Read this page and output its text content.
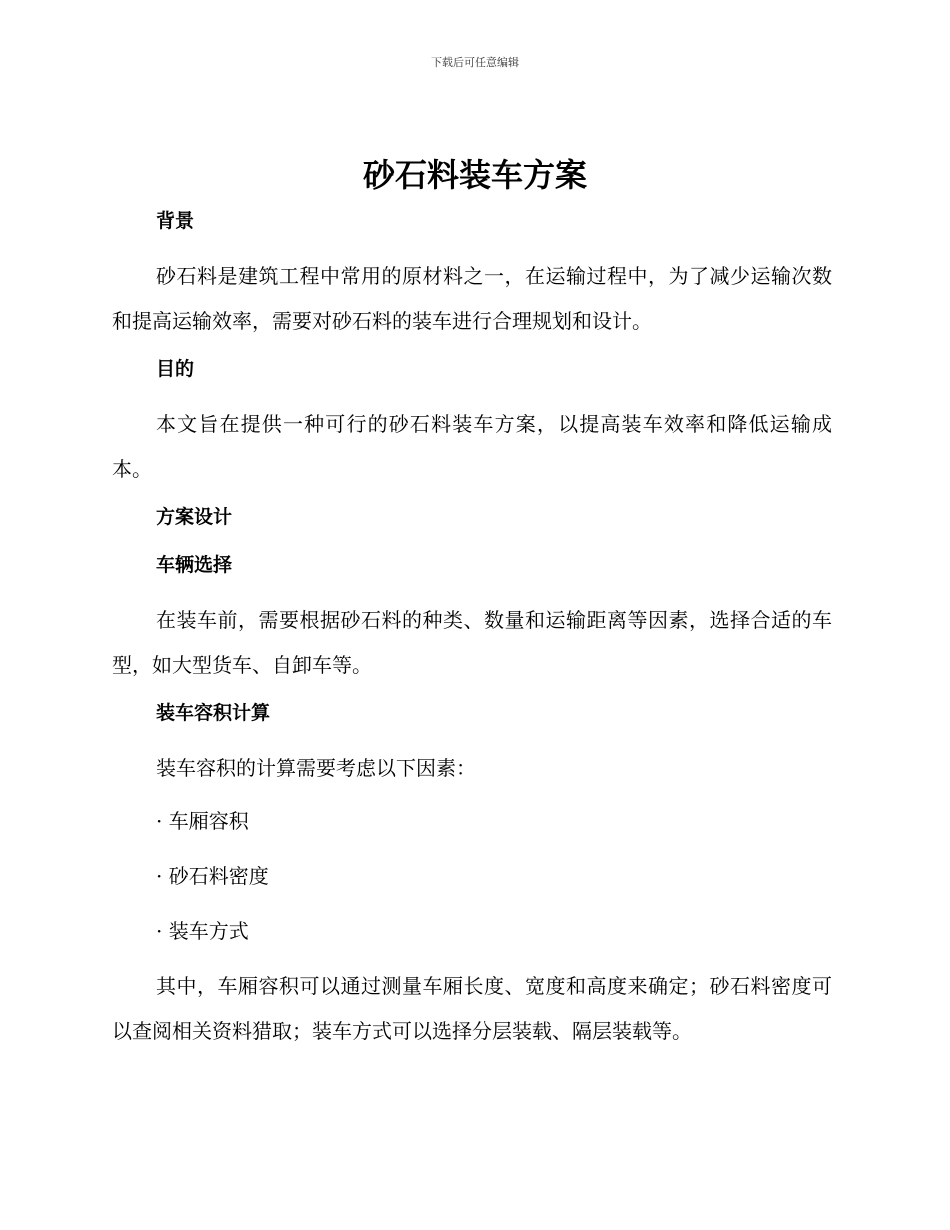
下载后可任意编辑
砂石料装车方案
背景

砂石料是建筑工程中常用的原材料之一，在运输过程中，为了减少运输次数和提高运输效率，需要对砂石料的装车进行合理规划和设计。

目的

本文旨在提供一种可行的砂石料装车方案，以提高装车效率和降低运输成本。

方案设计
车辆选择

在装车前，需要根据砂石料的种类、数量和运输距离等因素，选择合适的车型，如大型货车、自卸车等。

装车容积计算

装车容积的计算需要考虑以下因素：

· 车厢容积
· 砂石料密度
· 装车方式

其中，车厢容积可以通过测量车厢长度、宽度和高度来确定；砂石料密度可以查阅相关资料猎取；装车方式可以选择分层装载、隔层装载等。
